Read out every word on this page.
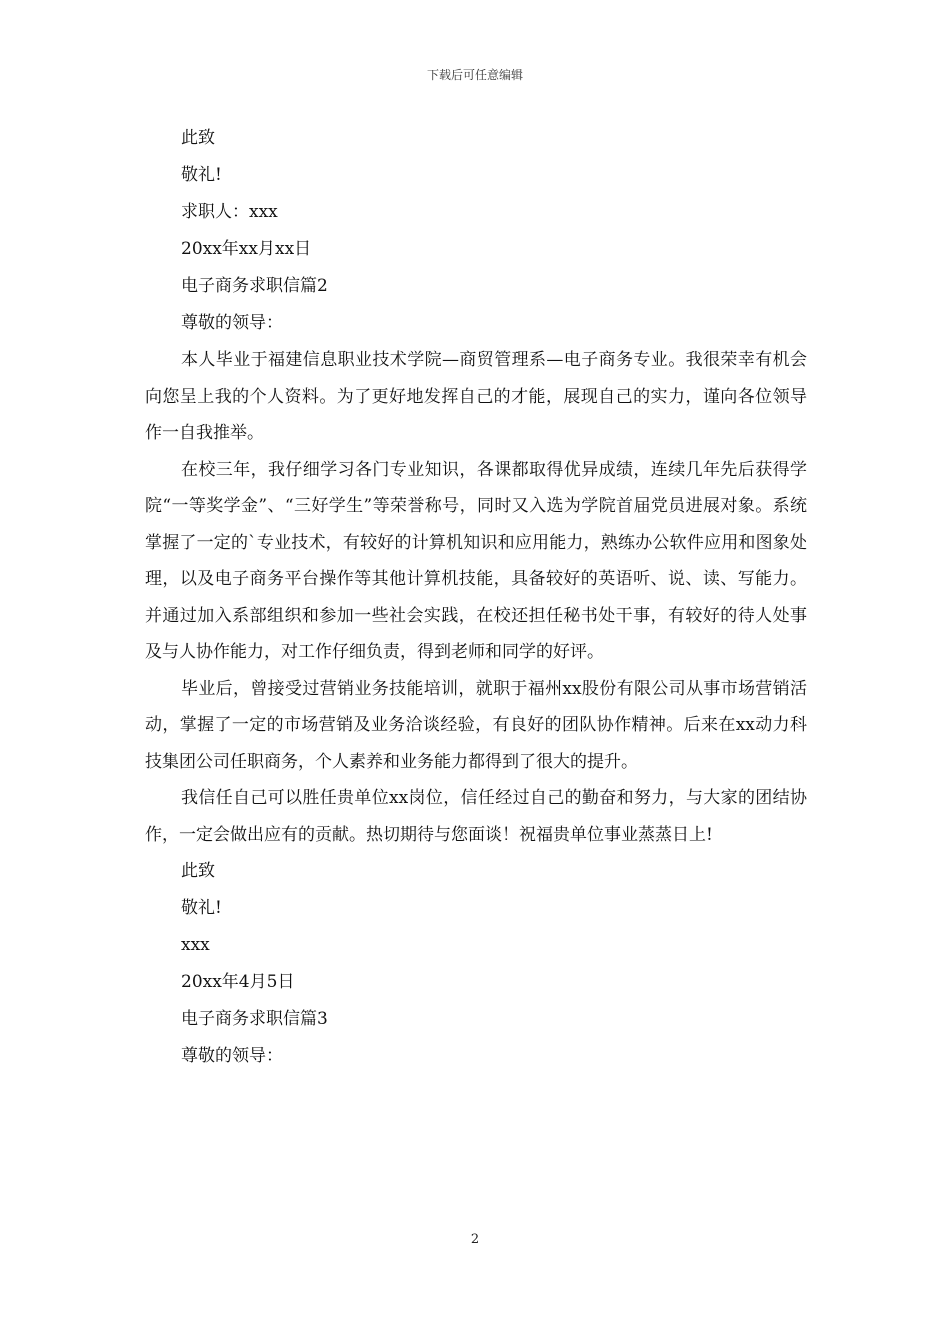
下载后可任意编辑
此致
敬礼!
求职人：xxx
20xx年xx月xx日
电子商务求职信篇2
尊敬的领导：

本人毕业于福建信息职业技术学院—商贸管理系—电子商务专业。我很荣幸有机会向您呈上我的个人资料。为了更好地发挥自己的才能，展现自己的实力，谨向各位领导作一自我推举。

在校三年，我仔细学习各门专业知识，各课都取得优异成绩，连续几年先后获得学院“一等奖学金”、“三好学生”等荣誉称号，同时又入选为学院首届党员进展对象。系统掌握了一定的`专业技术，有较好的计算机知识和应用能力，熟练办公软件应用和图象处理，以及电子商务平台操作等其他计算机技能，具备较好的英语听、说、读、写能力。并通过加入系部组织和参加一些社会实践，在校还担任秘书处干事，有较好的待人处事及与人协作能力，对工作仔细负责，得到老师和同学的好评。

毕业后，曾接受过营销业务技能培训，就职于福州xx股份有限公司从事市场营销活动，掌握了一定的市场营销及业务洽谈经验，有良好的团队协作精神。后来在xx动力科技集团公司任职商务，个人素养和业务能力都得到了很大的提升。

我信任自己可以胜任贵单位xx岗位，信任经过自己的勤奋和努力，与大家的团结协作，一定会做出应有的贡献。热切期待与您面谈！祝福贵单位事业蒸蒸日上!

此致
敬礼!
xxx
20xx年4月5日
电子商务求职信篇3
尊敬的领导：
2
